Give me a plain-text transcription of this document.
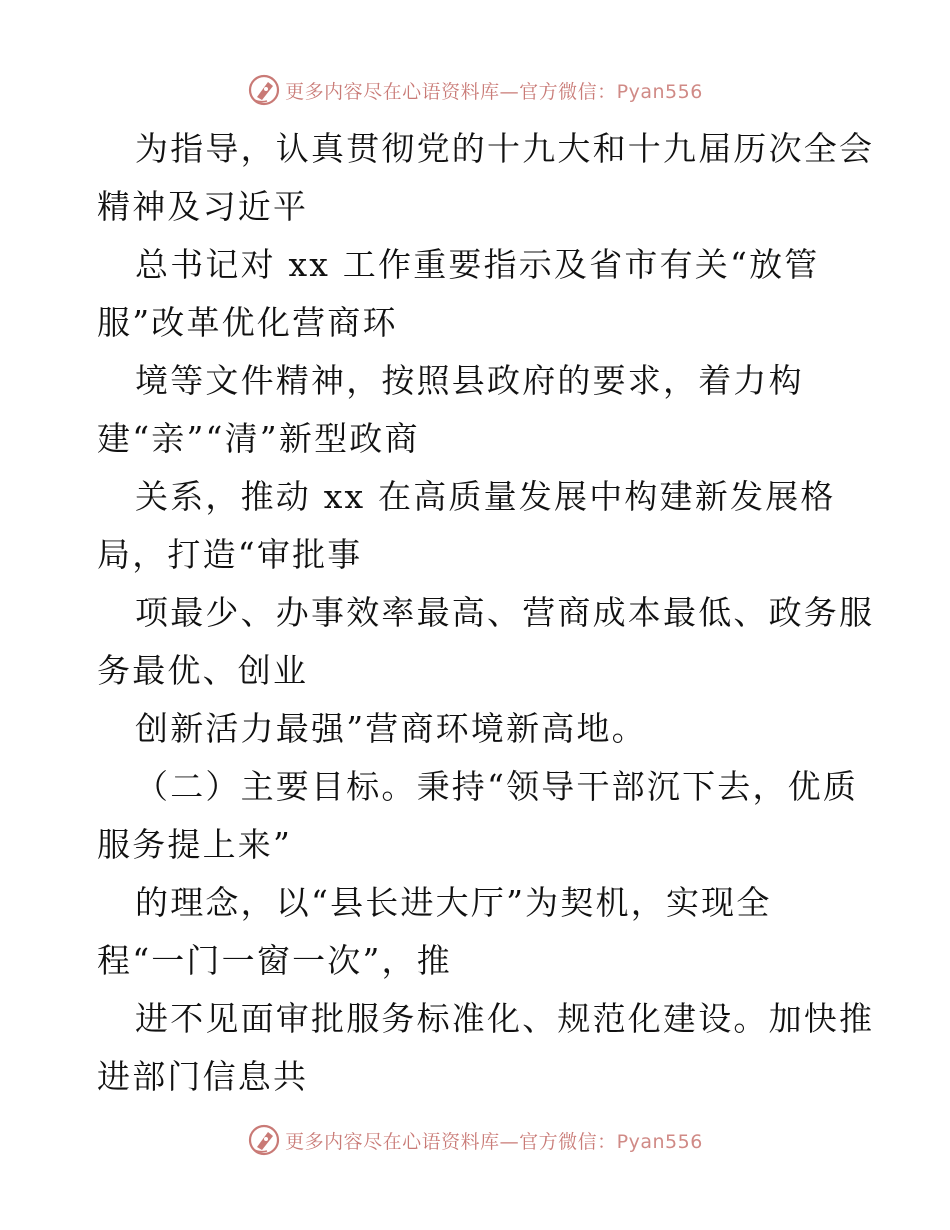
更多内容尽在心语资料库—官方微信：Pyan556
为指导，认真贯彻党的十九大和十九届历次全会
精神及习近平
总书记对 xx 工作重要指示及省市有关“放管
服”改革优化营商环
境等文件精神，按照县政府的要求，着力构
建“亲”“清”新型政商
关系，推动 xx 在高质量发展中构建新发展格
局，打造“审批事
项最少、办事效率最高、营商成本最低、政务服
务最优、创业
创新活力最强”营商环境新高地。
（二）主要目标。秉持“领导干部沉下去，优质
服务提上来”
的理念，以“县长进大厅”为契机，实现全
程“一门一窗一次”，推
进不见面审批服务标准化、规范化建设。加快推
进部门信息共
更多内容尽在心语资料库—官方微信：Pyan556
